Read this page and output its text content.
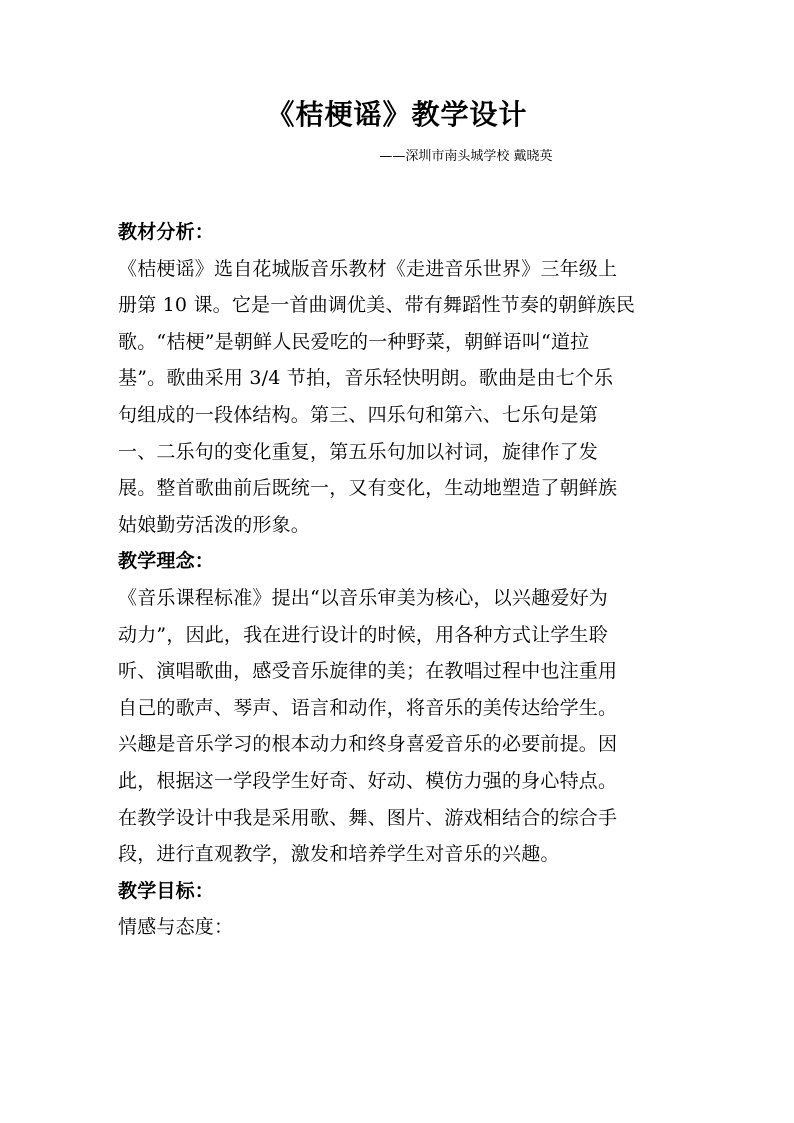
《桔梗谣》教学设计
——深圳市南头城学校 戴晓英
教材分析：
《桔梗谣》选自花城版音乐教材《走进音乐世界》三年级上
册第 10 课。它是一首曲调优美、带有舞蹈性节奏的朝鲜族民
歌。“桔梗”是朝鲜人民爱吃的一种野菜，朝鲜语叫“道拉
基”。歌曲采用 3/4 节拍，音乐轻快明朗。歌曲是由七个乐
句组成的一段体结构。第三、四乐句和第六、七乐句是第
一、二乐句的变化重复，第五乐句加以衬词，旋律作了发
展。整首歌曲前后既统一，又有变化，生动地塑造了朝鲜族
姑娘勤劳活泼的形象。
教学理念：
《音乐课程标准》提出“以音乐审美为核心，以兴趣爱好为
动力”，因此，我在进行设计的时候，用各种方式让学生聆
听、演唱歌曲，感受音乐旋律的美；在教唱过程中也注重用
自己的歌声、琴声、语言和动作，将音乐的美传达给学生。
兴趣是音乐学习的根本动力和终身喜爱音乐的必要前提。因
此，根据这一学段学生好奇、好动、模仿力强的身心特点。
在教学设计中我是采用歌、舞、图片、游戏相结合的综合手
段，进行直观教学，激发和培养学生对音乐的兴趣。
教学目标：
情感与态度：
